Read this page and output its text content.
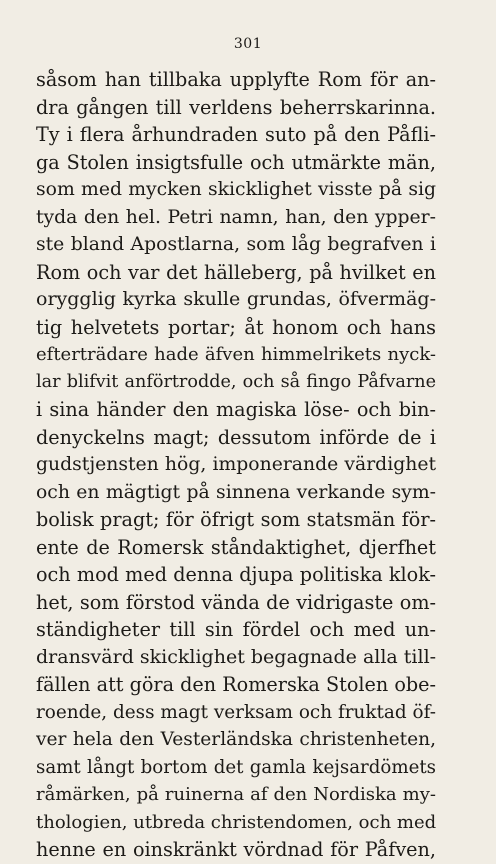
301
såsom han tillbaka upplyfte Rom för an-
dra gången till verldens beherrskarinna.
Ty i flera århundraden suto på den Påfli-
ga Stolen insigtsfulle och utmärkte män,
som med mycken skicklighet visste på sig
tyda den hel. Petri namn, han, den ypper-
ste bland Apostlarna, som låg begrafven i
Rom och var det hälleberg, på hvilket en
orygglig kyrka skulle grundas, öfvermäg-
tig helvetets portar; åt honom och hans
efterträdare hade äfven himmelrikets nyck-
lar blifvit anförtrodde, och så fingo Påfvarne
i sina händer den magiska löse- och bin-
denyckelns magt; dessutom införde de i
gudstjensten hög, imponerande värdighet
och en mägtigt på sinnena verkande sym-
bolisk pragt; för öfrigt som statsmän för-
ente de Romersk ståndaktighet, djerfhet
och mod med denna djupa politiska klok-
het, som förstod vända de vidrigaste om-
ständigheter till sin fördel och med un-
dransvärd skicklighet begagnade alla till-
fällen att göra den Romerska Stolen obe-
roende, dess magt verksam och fruktad öf-
ver hela den Vesterländska christenheten,
samt långt bortom det gamla kejsardömets
råmärken, på ruinerna af den Nordiska my-
thologien, utbreda christendomen, och med
henne en oinskränkt vördnad för Påfven,
